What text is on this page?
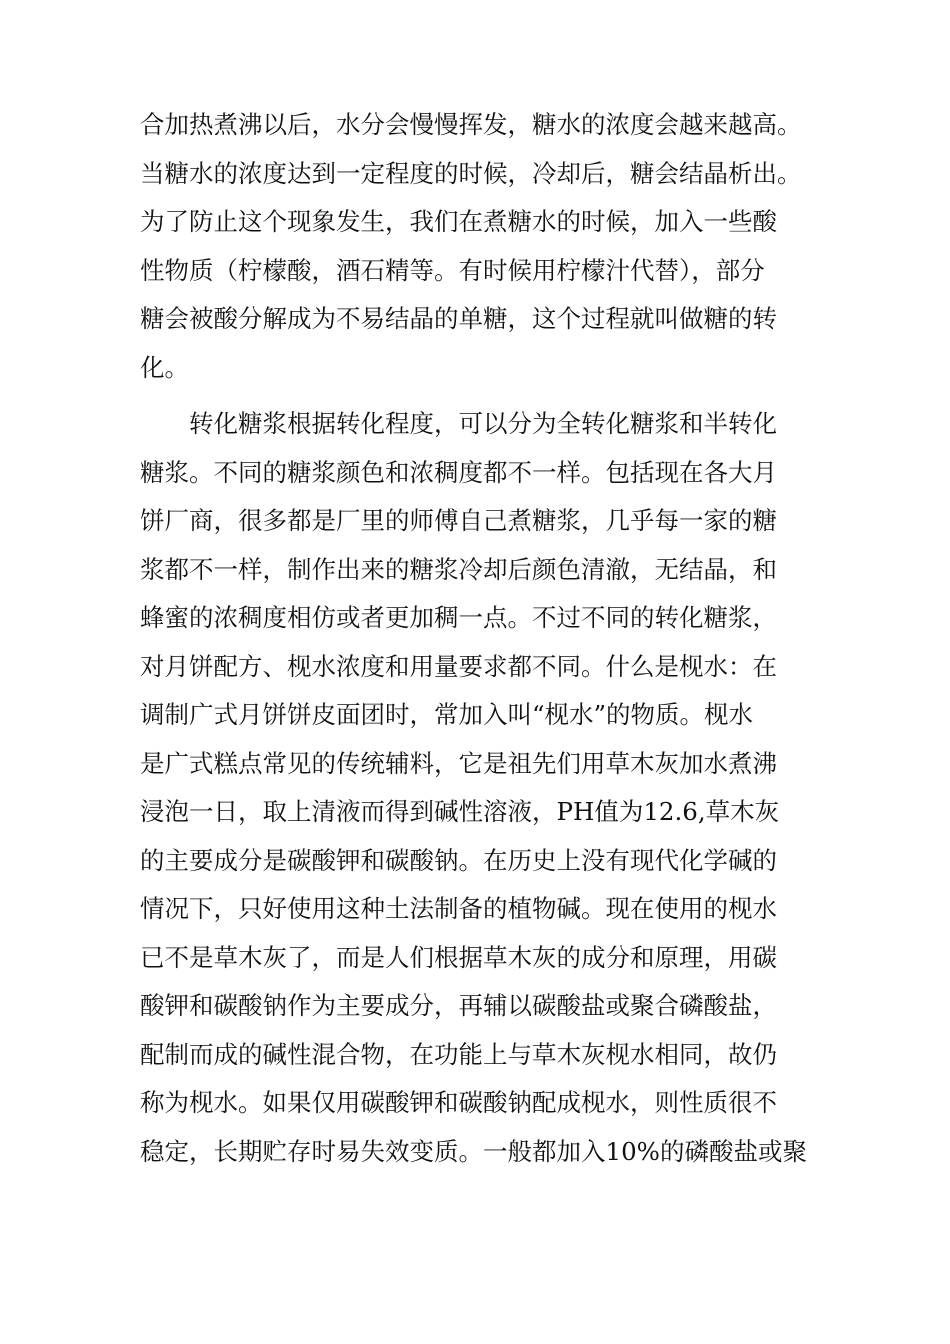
合加热煮沸以后，水分会慢慢挥发，糖水的浓度会越来越高。
当糖水的浓度达到一定程度的时候，冷却后，糖会结晶析出。
为了防止这个现象发生，我们在煮糖水的时候，加入一些酸
性物质（柠檬酸，酒石精等。有时候用柠檬汁代替），部分
糖会被酸分解成为不易结晶的单糖，这个过程就叫做糖的转
化。
　　转化糖浆根据转化程度，可以分为全转化糖浆和半转化
糖浆。不同的糖浆颜色和浓稠度都不一样。包括现在各大月
饼厂商，很多都是厂里的师傅自己煮糖浆，几乎每一家的糖
浆都不一样，制作出来的糖浆冷却后颜色清澈，无结晶，和
蜂蜜的浓稠度相仿或者更加稠一点。不过不同的转化糖浆，
对月饼配方、枧水浓度和用量要求都不同。什么是枧水：在
调制广式月饼饼皮面团时，常加入叫“枧水”的物质。枧水
是广式糕点常见的传统辅料，它是祖先们用草木灰加水煮沸
浸泡一日，取上清液而得到碱性溶液，PH值为12.6,草木灰
的主要成分是碳酸钾和碳酸钠。在历史上没有现代化学碱的
情况下，只好使用这种土法制备的植物碱。现在使用的枧水
已不是草木灰了，而是人们根据草木灰的成分和原理，用碳
酸钾和碳酸钠作为主要成分，再辅以碳酸盐或聚合磷酸盐，
配制而成的碱性混合物，在功能上与草木灰枧水相同，故仍
称为枧水。如果仅用碳酸钾和碳酸钠配成枧水，则性质很不
稳定，长期贮存时易失效变质。一般都加入10%的磷酸盐或聚
